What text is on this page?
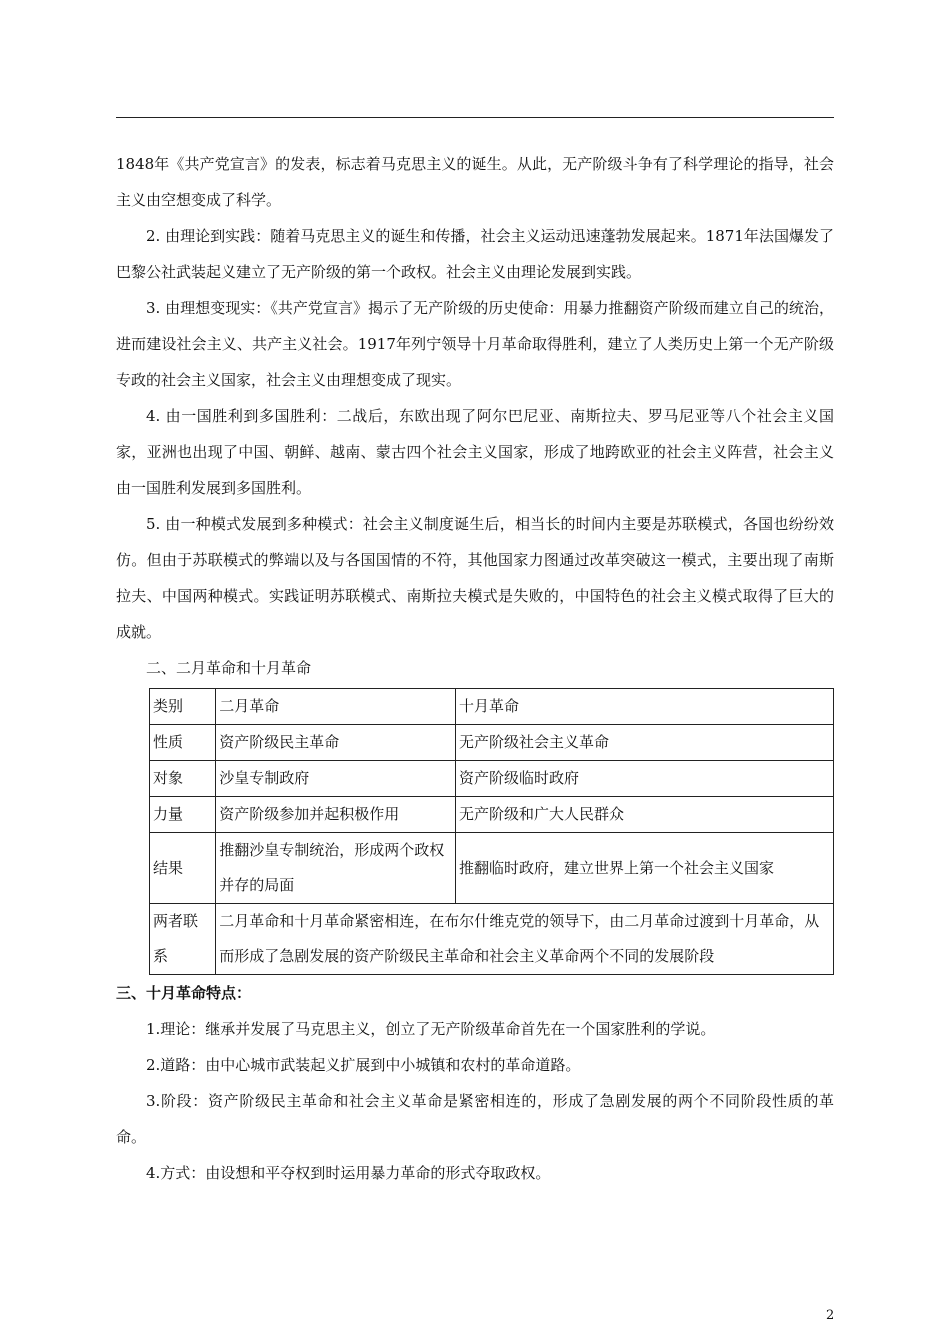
1848年《共产党宣言》的发表，标志着马克思主义的诞生。从此，无产阶级斗争有了科学理论的指导，社会主义由空想变成了科学。

2. 由理论到实践：随着马克思主义的诞生和传播，社会主义运动迅速蓬勃发展起来。1871年法国爆发了巴黎公社武装起义建立了无产阶级的第一个政权。社会主义由理论发展到实践。

3. 由理想变现实：《共产党宣言》揭示了无产阶级的历史使命：用暴力推翻资产阶级而建立自己的统治，进而建设社会主义、共产主义社会。1917年列宁领导十月革命取得胜利，建立了人类历史上第一个无产阶级专政的社会主义国家，社会主义由理想变成了现实。

4. 由一国胜利到多国胜利：二战后，东欧出现了阿尔巴尼亚、南斯拉夫、罗马尼亚等八个社会主义国家，亚洲也出现了中国、朝鲜、越南、蒙古四个社会主义国家，形成了地跨欧亚的社会主义阵营，社会主义由一国胜利发展到多国胜利。

5. 由一种模式发展到多种模式：社会主义制度诞生后，相当长的时间内主要是苏联模式，各国也纷纷效仿。但由于苏联模式的弊端以及与各国国情的不符，其他国家力图通过改革突破这一模式，主要出现了南斯拉夫、中国两种模式。实践证明苏联模式、南斯拉夫模式是失败的，中国特色的社会主义模式取得了巨大的成就。

二、二月革命和十月革命

类别	二月革命	十月革命
性质	资产阶级民主革命	无产阶级社会主义革命
对象	沙皇专制政府	资产阶级临时政府
力量	资产阶级参加并起积极作用	无产阶级和广大人民群众
结果	推翻沙皇专制统治，形成两个政权并存的局面	推翻临时政府，建立世界上第一个社会主义国家
两者联系	二月革命和十月革命紧密相连，在布尔什维克党的领导下，由二月革命过渡到十月革命，从而形成了急剧发展的资产阶级民主革命和社会主义革命两个不同的发展阶段	

三、十月革命特点：

1.理论：继承并发展了马克思主义，创立了无产阶级革命首先在一个国家胜利的学说。

2.道路：由中心城市武装起义扩展到中小城镇和农村的革命道路。

3.阶段：资产阶级民主革命和社会主义革命是紧密相连的，形成了急剧发展的两个不同阶段性质的革命。

4.方式：由设想和平夺权到时运用暴力革命的形式夺取政权。

2
